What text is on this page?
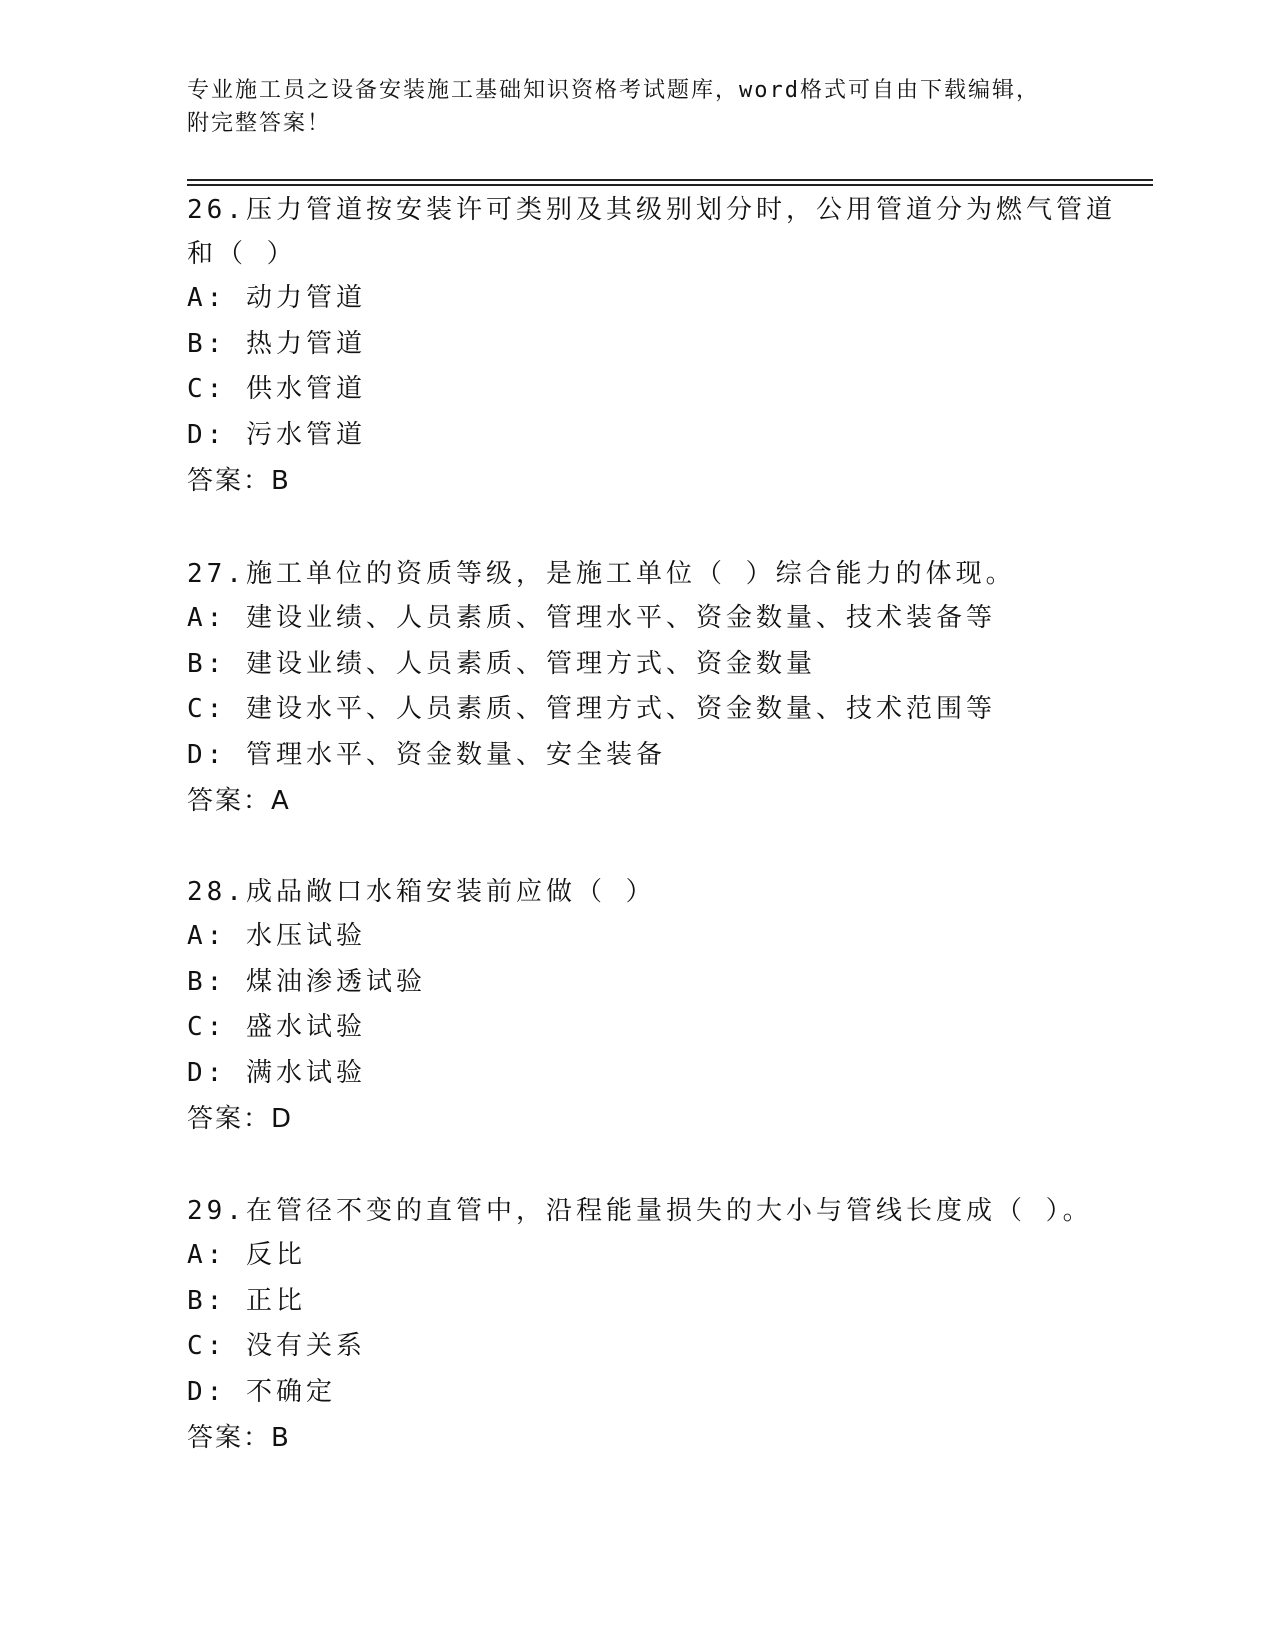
专业施工员之设备安装施工基础知识资格考试题库，word格式可自由下载编辑，
附完整答案！

26.压力管道按安装许可类别及其级别划分时，公用管道分为燃气管道

和（ ）

A: 动力管道

B: 热力管道

C: 供水管道

D: 污水管道

答案：B

27.施工单位的资质等级，是施工单位（ ）综合能力的体现。

A: 建设业绩、人员素质、管理水平、资金数量、技术装备等

B: 建设业绩、人员素质、管理方式、资金数量

C: 建设水平、人员素质、管理方式、资金数量、技术范围等

D: 管理水平、资金数量、安全装备

答案：A

28.成品敞口水箱安装前应做（ ）

A: 水压试验

B: 煤油渗透试验

C: 盛水试验

D: 满水试验

答案：D

29.在管径不变的直管中，沿程能量损失的大小与管线长度成（ ）。

A: 反比

B: 正比

C: 没有关系

D: 不确定

答案：B
